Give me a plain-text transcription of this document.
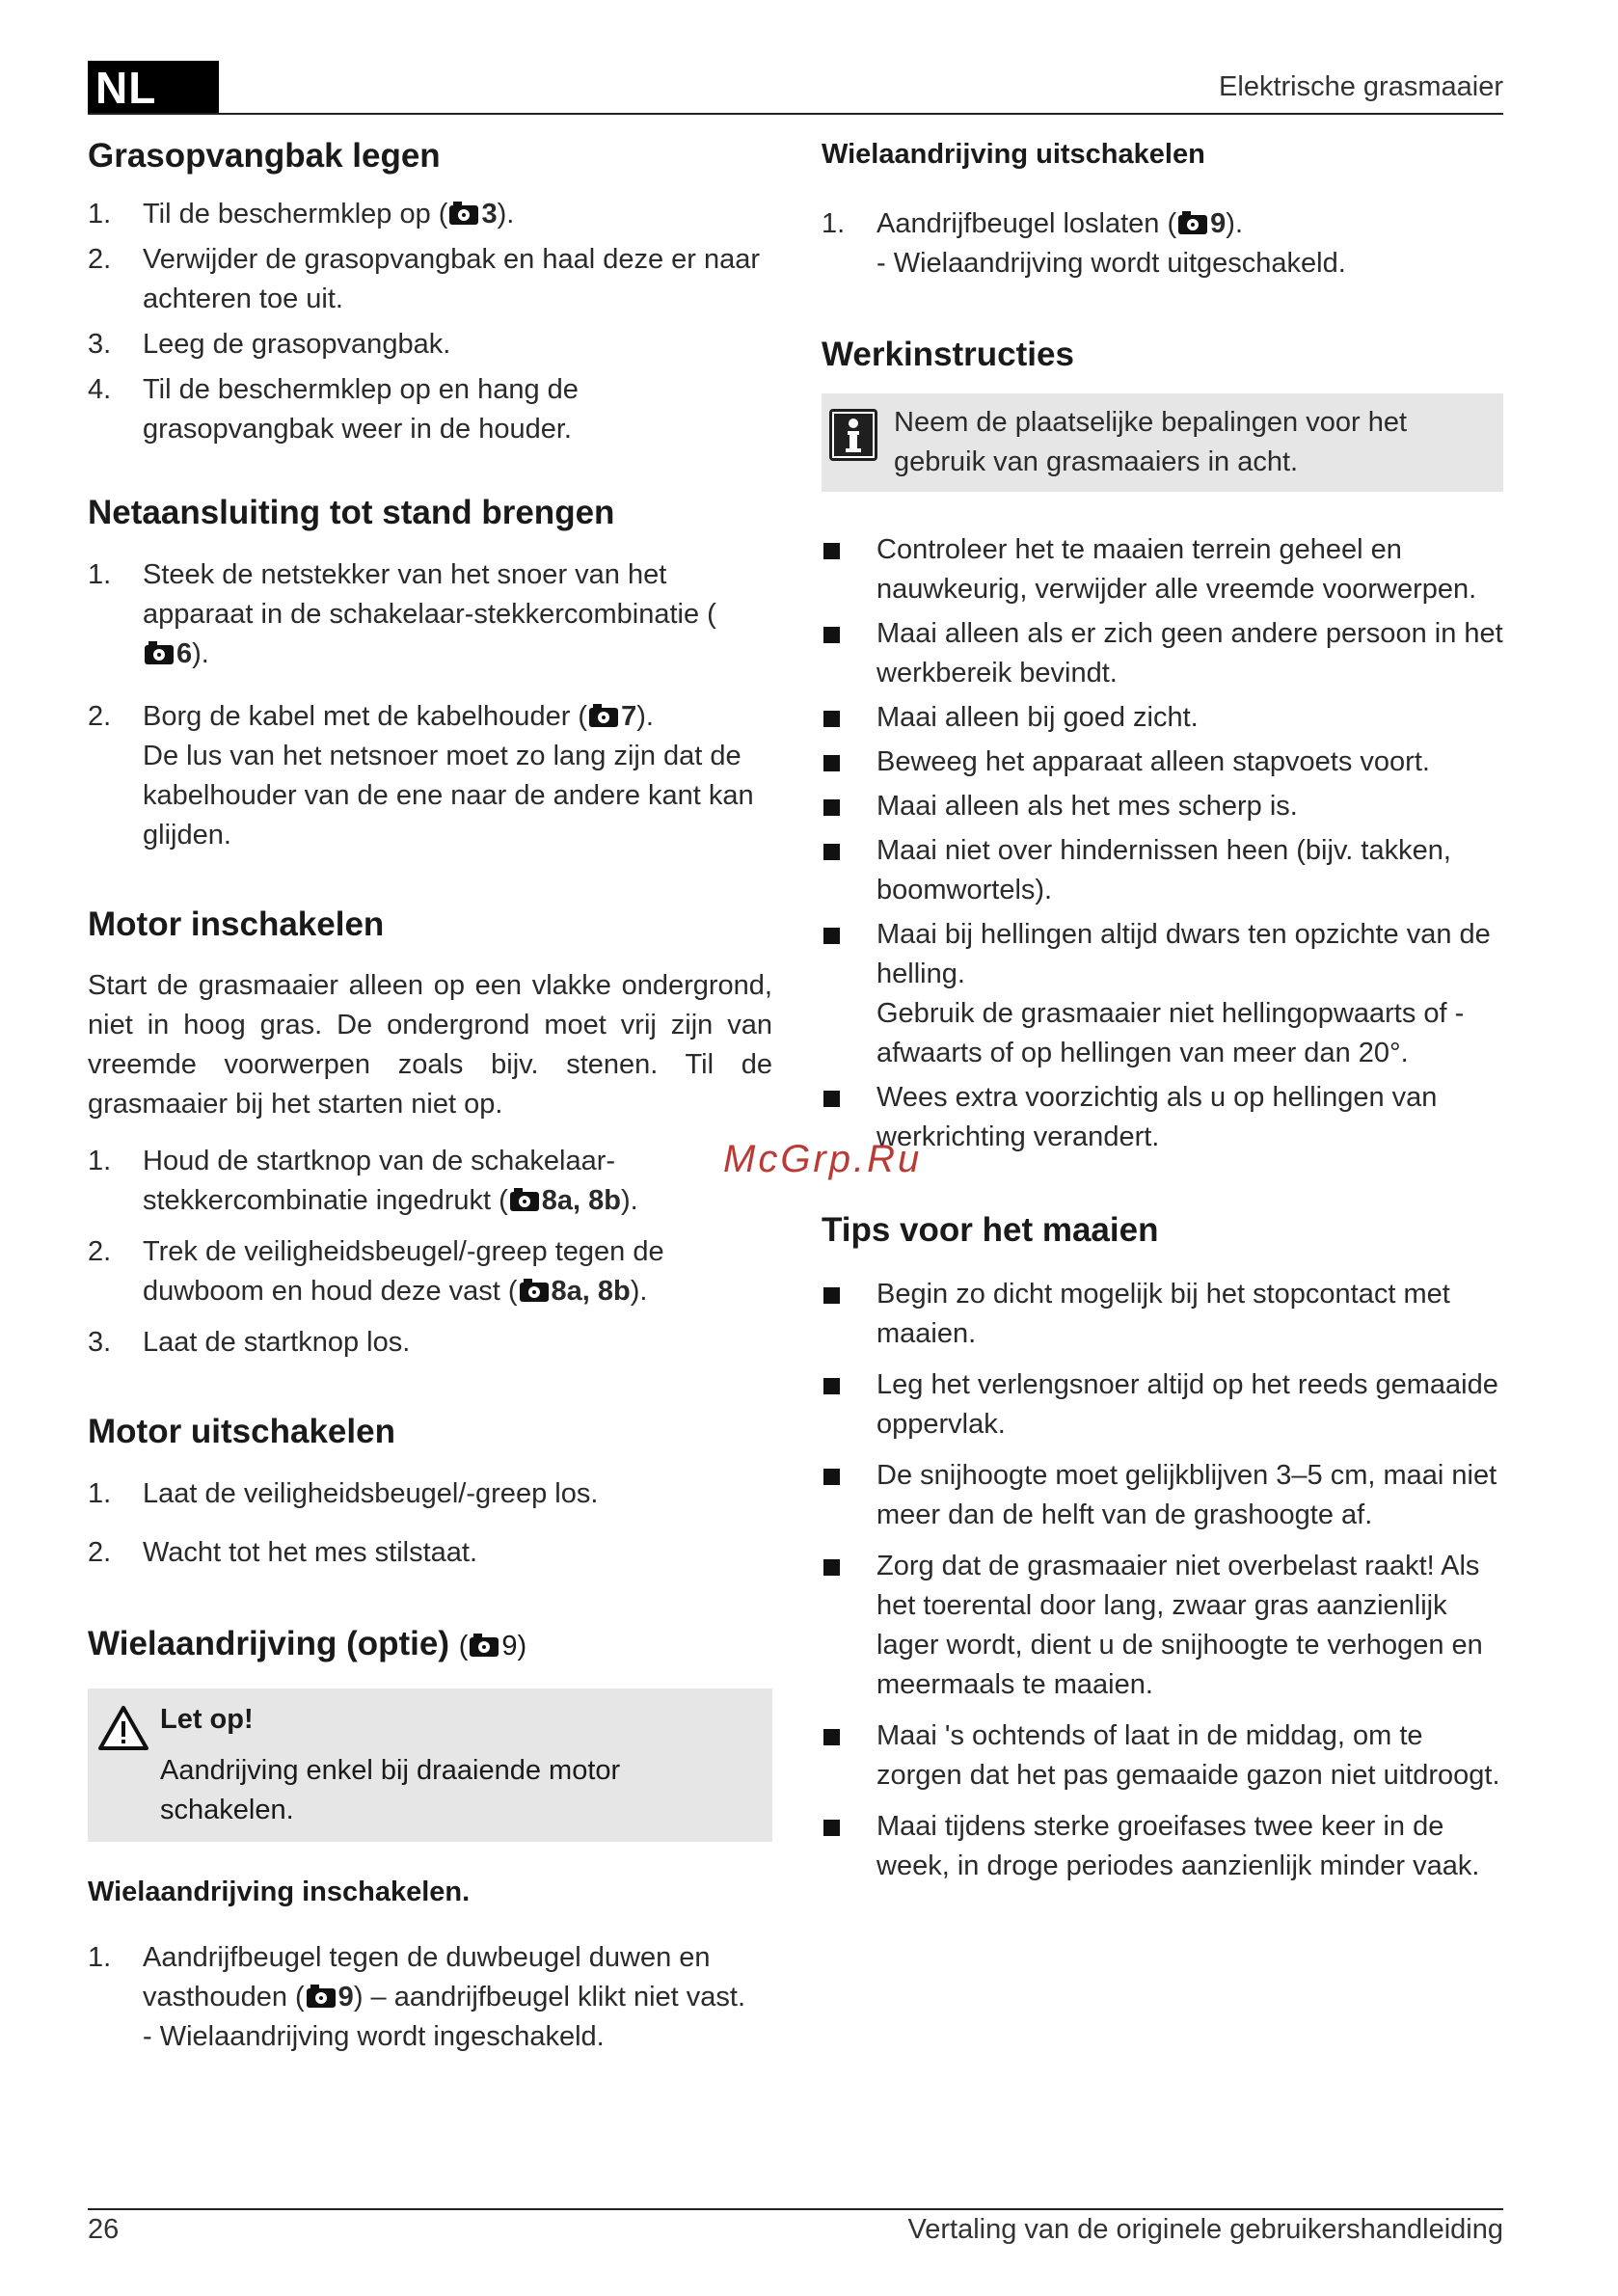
NL	Elektrische grasmaaier
Grasopvangbak legen
1. Til de beschermklep op ( 3).
2. Verwijder de grasopvangbak en haal deze er naar achteren toe uit.
3. Leeg de grasopvangbak.
4. Til de beschermklep op en hang de grasopvangbak weer in de houder.
Netaansluiting tot stand brengen
1. Steek de netstekker van het snoer van het apparaat in de schakelaar-stekkercombinatie (
6).
2. Borg de kabel met de kabelhouder ( 7).
De lus van het netsnoer moet zo lang zijn dat de kabelhouder van de ene naar de andere kant kan glijden.
Motor inschakelen

Start de grasmaaier alleen op een vlakke ondergrond, niet in hoog gras. De ondergrond moet vrij zijn van vreemde voorwerpen zoals bijv. stenen. Til de grasmaaier bij het starten niet op.

1. Houd de startknop van de schakelaar-stekkercombinatie ingedrukt ( 8a, 8b).
2. Trek de veiligheidsbeugel/-greep tegen de duwboom en houd deze vast ( 8a, 8b).
3. Laat de startknop los.
Motor uitschakelen
1. Laat de veiligheidsbeugel/-greep los.
2. Wacht tot het mes stilstaat.
Wielaandrijving (optie) ( 9)
Let op!
Aandrijving enkel bij draaiende motor schakelen.
Wielaandrijving inschakelen.
1. Aandrijfbeugel tegen de duwbeugel duwen en vasthouden ( 9) – aandrijfbeugel klikt niet vast.
- Wielaandrijving wordt ingeschakeld.
Wielaandrijving uitschakelen
1. Aandrijfbeugel loslaten ( 9).
- Wielaandrijving wordt uitgeschakeld.
Werkinstructies

Neem de plaatselijke bepalingen voor het gebruik van grasmaaiers in acht.

Controleer het te maaien terrein geheel en nauwkeurig, verwijder alle vreemde voorwerpen.
Maai alleen als er zich geen andere persoon in het werkbereik bevindt.
Maai alleen bij goed zicht.
Beweeg het apparaat alleen stapvoets voort.
Maai alleen als het mes scherp is.
Maai niet over hindernissen heen (bijv. takken, boomwortels).
Maai bij hellingen altijd dwars ten opzichte van de helling.
Gebruik de grasmaaier niet hellingopwaarts of -afwaarts of op hellingen van meer dan 20°.
Wees extra voorzichtig als u op hellingen van werkrichting verandert.
Tips voor het maaien
Begin zo dicht mogelijk bij het stopcontact met maaien.
Leg het verlengsnoer altijd op het reeds gemaaide oppervlak.
De snijhoogte moet gelijkblijven 3–5 cm, maai niet meer dan de helft van de grashoogte af.
Zorg dat de grasmaaier niet overbelast raakt! Als het toerental door lang, zwaar gras aanzienlijk lager wordt, dient u de snijhoogte te verhogen en meermaals te maaien.
Maai 's ochtends of laat in de middag, om te zorgen dat het pas gemaaide gazon niet uitdroogt.
Maai tijdens sterke groeifases twee keer in de week, in droge periodes aanzienlijk minder vaak.
McGrp.Ru
26	Vertaling van de originele gebruikershandleiding
